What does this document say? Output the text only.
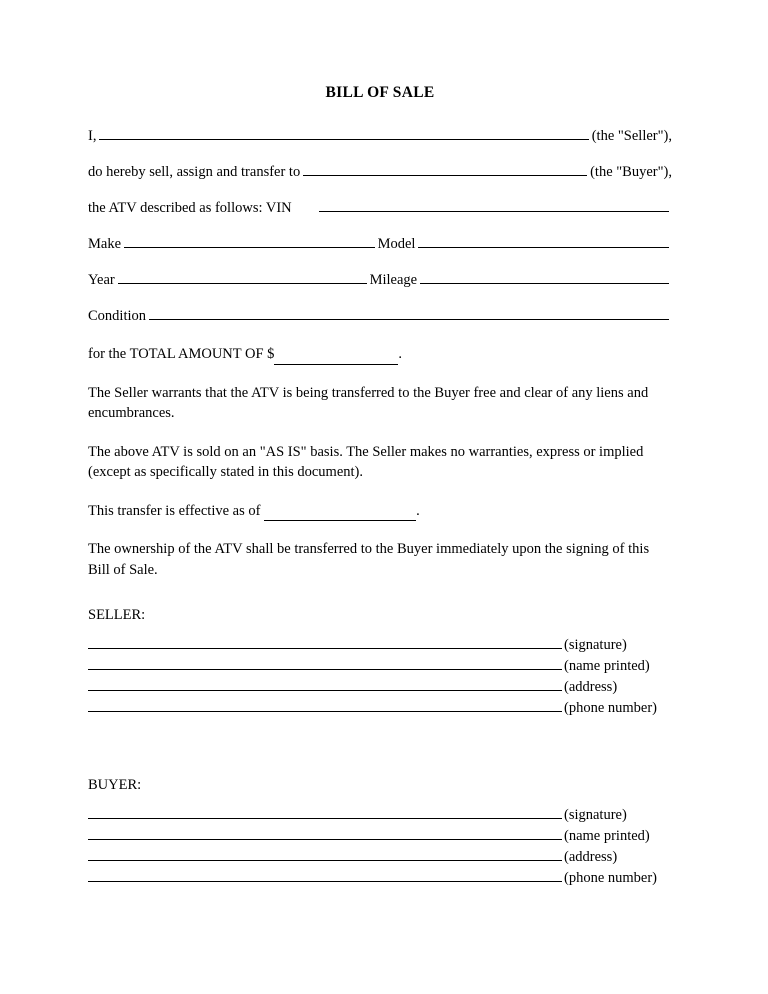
BILL OF SALE
I,	(the "Seller"),
do hereby sell, assign and transfer to	(the "Buyer"),
the ATV described as follows: VIN
Make	Model
Year	Mileage
Condition
for the TOTAL AMOUNT OF $	.
The Seller warrants that the ATV is being transferred to the Buyer free and clear of any liens and encumbrances.
The above ATV is sold on an "AS IS" basis. The Seller makes no warranties, express or implied (except as specifically stated in this document).
This transfer is effective as of	.
The ownership of the ATV shall be transferred to the Buyer immediately upon the signing of this Bill of Sale.
SELLER:
(signature)
(name printed)
(address)
(phone number)
BUYER:
(signature)
(name printed)
(address)
(phone number)
